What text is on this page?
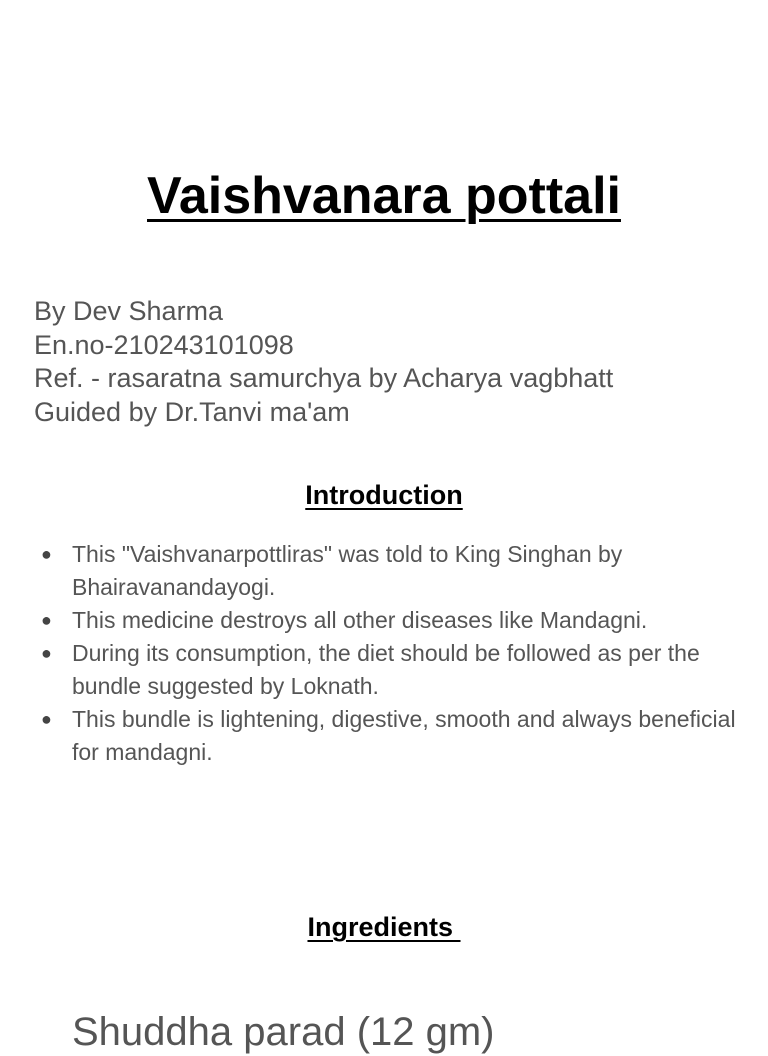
Vaishvanara pottali
By Dev Sharma
En.no-210243101098
Ref. - rasaratna samurchya by Acharya vagbhatt
Guided by Dr.Tanvi ma'am
Introduction
● This "Vaishvanarpottliras" was told to King Singhan by Bhairavanandayogi.
● This medicine destroys all other diseases like Mandagni.
● During its consumption, the diet should be followed as per the bundle suggested by Loknath.
● This bundle is lightening, digestive, smooth and always beneficial for mandagni.
Ingredients
Shuddha parad (12 gm)
